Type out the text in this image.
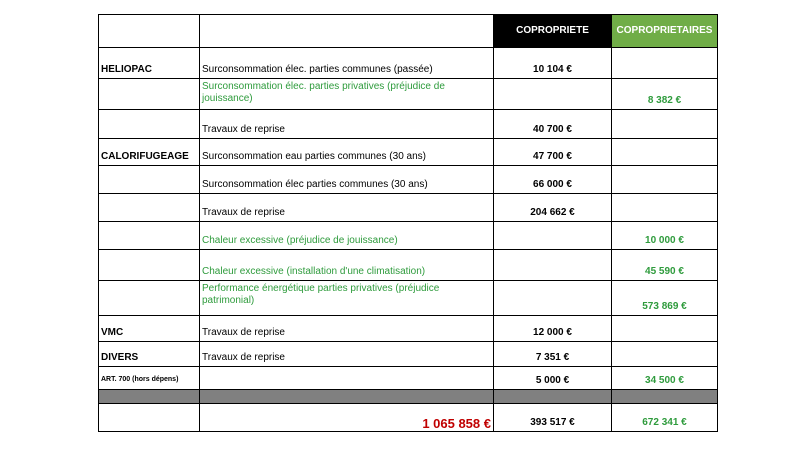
		COPROPRIETE	COPROPRIETAIRES
HELIOPAC	Surconsommation élec. parties communes (passée)	10 104 €	
	Surconsommation élec. parties privatives (préjudice de jouissance)		8 382 €
	Travaux de reprise	40 700 €	
CALORIFUGEAGE	Surconsommation eau parties communes (30 ans)	47 700 €	
	Surconsommation élec parties communes (30 ans)	66 000 €	
	Travaux de reprise	204 662 €	
	Chaleur excessive (préjudice de jouissance)		10 000 €
	Chaleur excessive (installation d'une climatisation)		45 590 €
	Performance énergétique parties privatives (préjudice patrimonial)		573 869 €
VMC	Travaux de reprise	12 000 €	
DIVERS	Travaux de reprise	7 351 €	
ART. 700 (hors dépens)		5 000 €	34 500 €

	1 065 858 €	393 517 €	672 341 €
